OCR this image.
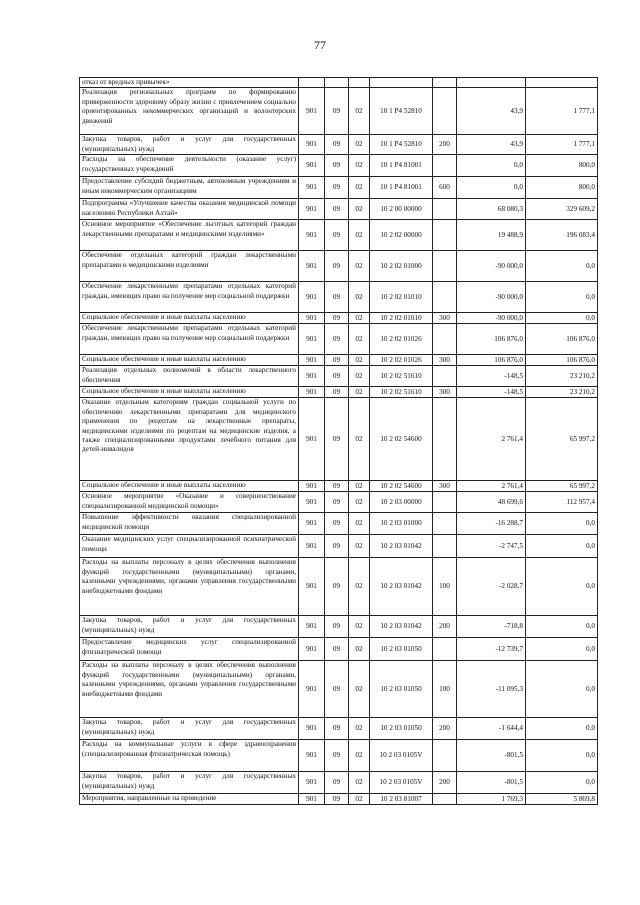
77
отказ от вредных привычек»							
Реализация региональных программ по формированию приверженности здоровому образу жизни с привлечением социально ориентированных некоммерческих организаций и волонтерских движений	901	09	02	10 1 P4 52810		43,9	1 777,1
Закупка товаров, работ и услуг для государственных (муниципальных) нужд	901	09	02	10 1 P4 52810	200	43,9	1 777,1
Расходы на обеспечение деятельности (оказание услуг) государственных учреждений	901	09	02	10 1 P4 81001		0,0	800,0
Предоставление субсидий бюджетным, автономным учреждениям и иным некоммерческим организациям	901	09	02	10 1 P4 81001	600	0,0	800,0
Подпрограмма «Улучшение качества оказания медицинской помощи населению Республики Алтай»	901	09	02	10 2 00 00000		68 080,3	329 609,2
Основное мероприятие «Обеспечение льготных категорий граждан лекарственными препаратами и медицинскими изделиями»	901	09	02	10 2 02 00000		19 488,9	196 083,4
Обеспечение отдельных категорий граждан лекарственными препаратами и медицинскими изделиями	901	09	02	10 2 02 01000		-90 000,0	0,0
Обеспечение лекарственными препаратами отдельных категорий граждан, имеющих право на получение мер социальной поддержки	901	09	02	10 2 02 01010		-90 000,0	0,0
Социальное обеспечение и иные выплаты населению	901	09	02	10 2 02 01010	300	-90 000,0	0,0
Обеспечение лекарственными препаратами отдельных категорий граждан, имеющих право на получение мер социальной поддержки	901	09	02	10 2 02 01026		106 876,0	106 876,0
Социальное обеспечение и иные выплаты населению	901	09	02	10 2 02 01026	300	106 876,0	106 876,0
Реализация отдельных полномочий в области лекарственного обеспечения	901	09	02	10 2 02 51610		-148,5	23 210,2
Социальное обеспечение и иные выплаты населению	901	09	02	10 2 02 51610	300	-148,5	23 210,2
Оказание отдельным категориям граждан социальной услуги по обеспечению лекарственными препаратами для медицинского применения по рецептам на лекарственные препараты, медицинскими изделиями по рецептам на медицинские изделия, а также специализированными продуктами лечебного питания для детей-инвалидов	901	09	02	10 2 02 54600		2 761,4	65 997,2
Социальное обеспечение и иные выплаты населению	901	09	02	10 2 02 54600	300	2 761,4	65 997,2
Основное мероприятие «Оказание и совершенствование специализированной медицинской помощи»	901	09	02	10 2 03 00000		48 699,6	112 957,4
Повышение эффективности оказания специализированной медицинской помощи	901	09	02	10 2 03 01000		-16 288,7	0,0
Оказание медицинских услуг специализированной психиатрической помощи	901	09	02	10 2 03 01042		-2 747,5	0,0
Расходы на выплаты персоналу в целях обеспечения выполнения функций государственными (муниципальными) органами, казенными учреждениями, органами управления государственными внебюджетными фондами	901	09	02	10 2 03 01042	100	-2 028,7	0,0
Закупка товаров, работ и услуг для государственных (муниципальных) нужд	901	09	02	10 2 03 01042	200	-718,8	0,0
Предоставление медицинских услуг специализированной фтизиатрической помощи	901	09	02	10 2 03 01050		-12 739,7	0,0
Расходы на выплаты персоналу в целях обеспечения выполнения функций государственными (муниципальными) органами, казенными учреждениями, органами управления государственными внебюджетными фондами	901	09	02	10 2 03 01050	100	-11 095,3	0,0
Закупка товаров, работ и услуг для государственных (муниципальных) нужд	901	09	02	10 2 03 01050	200	-1 644,4	0,0
Расходы на коммунальные услуги в сфере здравоохранения (специализированная фтизиатрическая помощь)	901	09	02	10 2 03 0105V		-801,5	0,0
Закупка товаров, работ и услуг для государственных (муниципальных) нужд	901	09	02	10 2 03 0105V	200	-801,5	0,0
Мероприятия, направленные на проведение	901	09	02	10 2 03 81007		1 769,3	5 869,8
